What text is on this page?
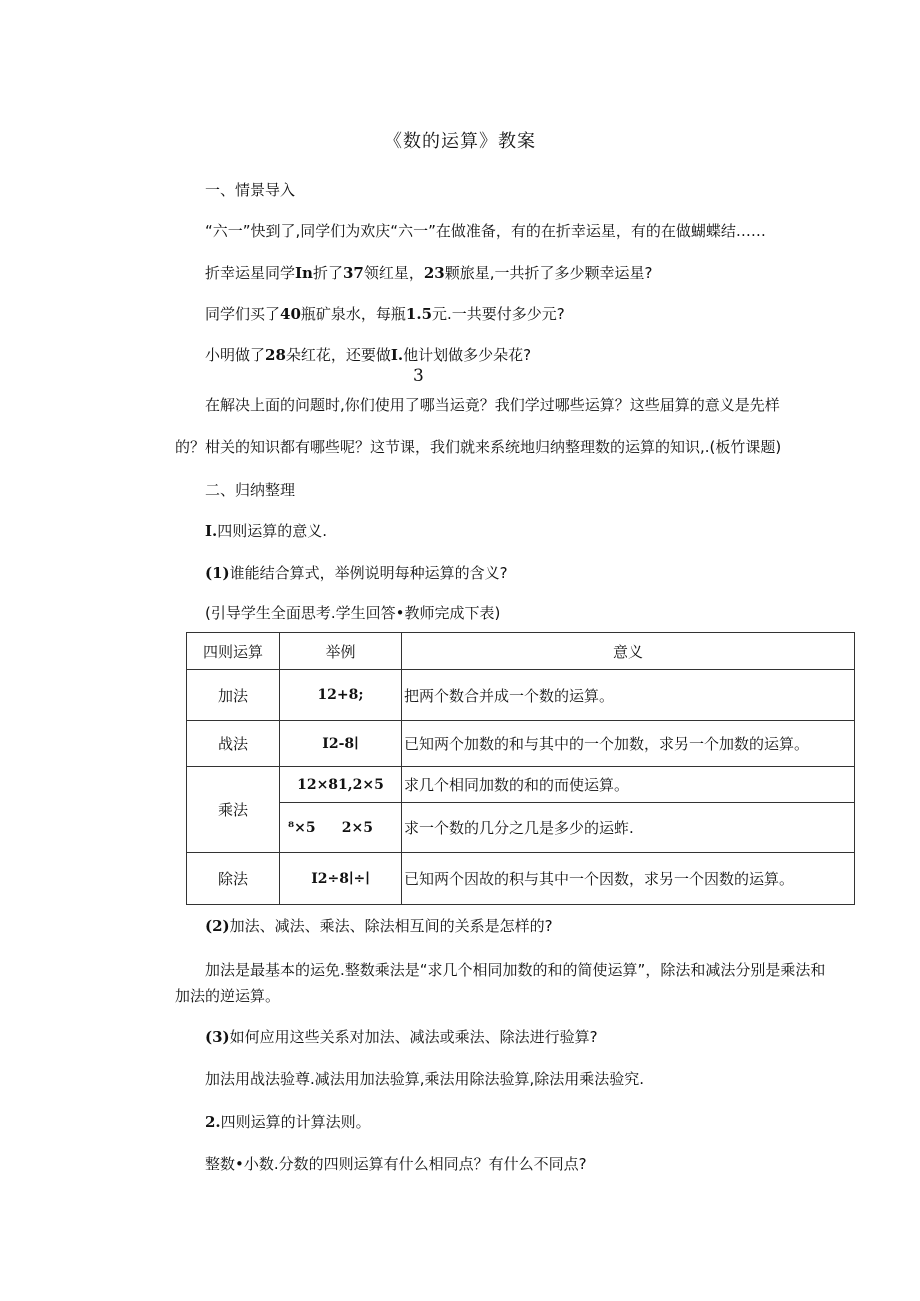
《数的运算》教案
一、情景导入
“六一”快到了,同学们为欢庆“六一”在做准备，有的在折幸运星，有的在做蝴蝶结……
折幸运星同学In折了37领红星，23颗旅星,一共折了多少颗幸运星?
同学们买了40瓶矿泉水，每瓶1.5元.一共要付多少元?
小明做了28朵红花，还要做I.他计划做多少朵花?
3
在解决上面的问题时,你们使用了哪当运竟？我们学过哪些运算？这些届算的意义是先样
的？柑关的知识都有哪些呢？这节课，我们就来系统地归纳整理数的运算的知识,.(板竹课题)
二、归纳整理
I.四则运算的意义.
(1)谁能结合算式，举例说明每种运算的含义?
(引导学生全面思考.学生回答•教师完成下表)
四则运算	举例	意义
加法	12+8;	把两个数合并成一个数的运算。
战法	I2-8∣	已知两个加数的和与其中的一个加数，求另一个加数的运算。
乘法	12×81,2×5	求几个相同加数的和的而使运算。

	⁸×5 2×5	求一个数的几分之几是多少的运蚱.
除法	I2÷8∣÷∣	已知两个因故的积与其中一个因数，求另一个因数的运算。
(2)加法、减法、乘法、除法相互间的关系是怎样的?
加法是最基本的运免.整数乘法是“求几个相同加数的和的简使运算”，除法和减法分别是乘法和
加法的逆运算。
(3)如何应用这些关系对加法、减法或乘法、除法进行验算?
加法用战法验尊.减法用加法验算,乘法用除法验算,除法用乘法验究.
2.四则运算的计算法则。
整数•小数.分数的四则运算有什么相同点？有什么不同点?
